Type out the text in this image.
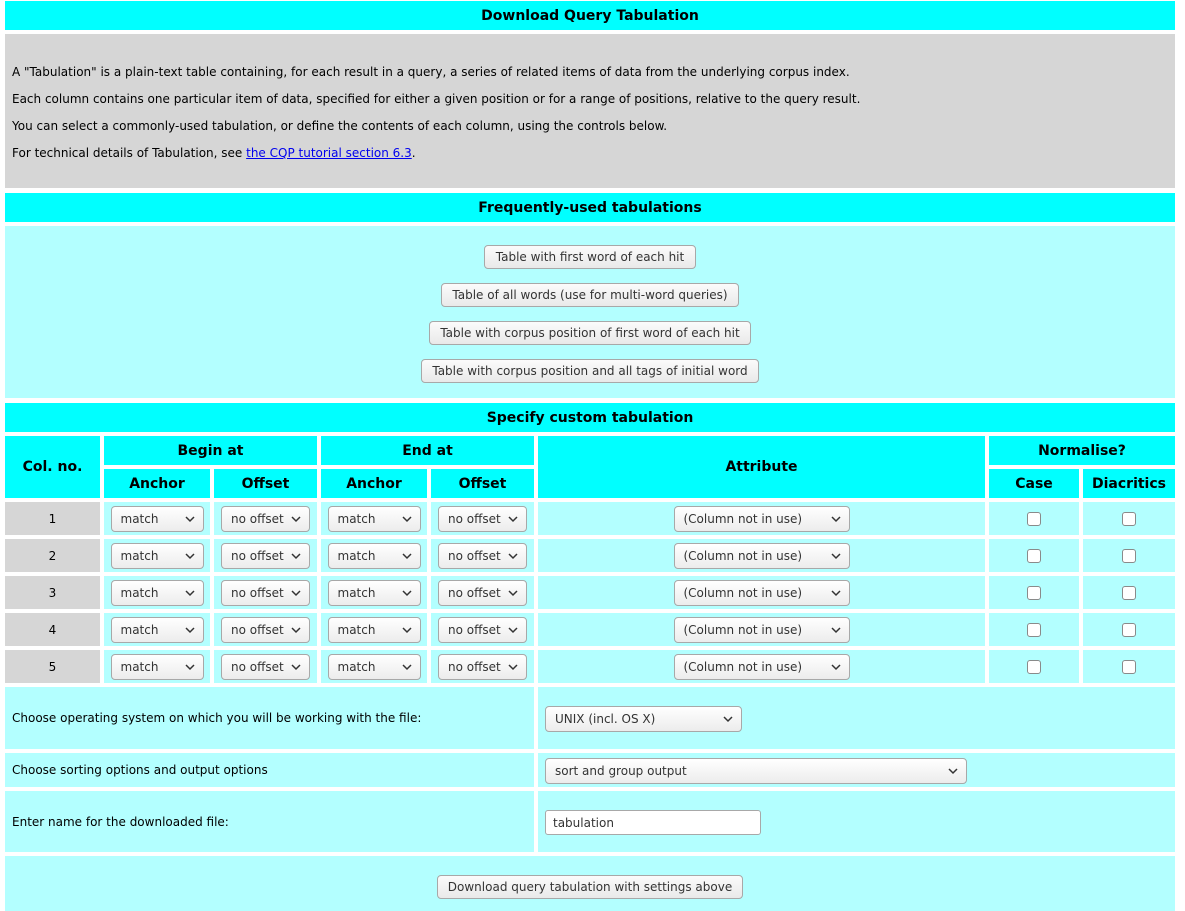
Download Query Tabulation

A "Tabulation" is a plain-text table containing, for each result in a query, a series of related items of data from the underlying corpus index.

Each column contains one particular item of data, specified for either a given position or for a range of positions, relative to the query result.

You can select a commonly-used tabulation, or define the contents of each column, using the controls below.

For technical details of Tabulation, see the CQP tutorial section 6.3.

Frequently-used tabulations
Table with first word of each hit
Table of all words (use for multi-word queries)
Table with corpus position of first word of each hit
Table with corpus position and all tags of initial word
Specify custom tabulation
Col. no.
Begin at	End at
Attribute
Normalise?
Anchor	Offset	Anchor	Offset	Case	Diacritics
1	match	no offset	match	no offset	(Column not in use)
2	match	no offset	match	no offset	(Column not in use)
3	match	no offset	match	no offset	(Column not in use)
4	match	no offset	match	no offset	(Column not in use)
5	match	no offset	match	no offset	(Column not in use)
Choose operating system on which you will be working with the file:	UNIX (incl. OS X)
Choose sorting options and output options	sort and group output
Enter name for the downloaded file:	tabulation
Download query tabulation with settings above
